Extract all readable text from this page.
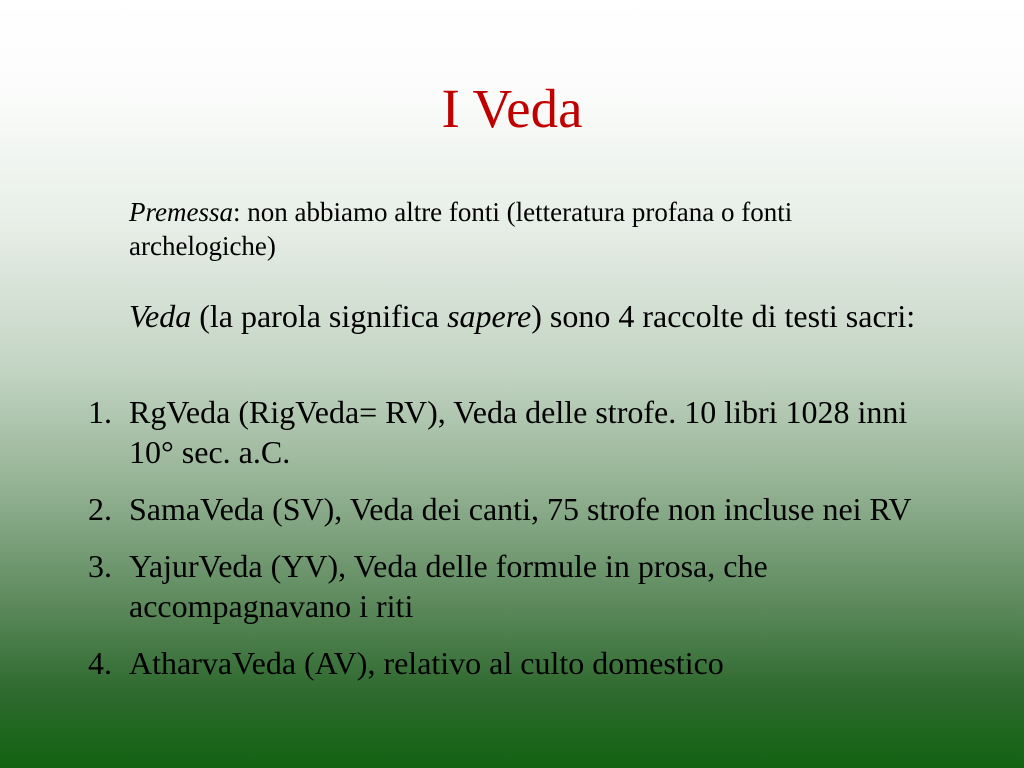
I Veda

Premessa: non abbiamo altre fonti (letteratura profana o fonti archelogiche)

Veda (la parola significa sapere) sono 4 raccolte di testi sacri:

1. RgVeda (RigVeda= RV), Veda delle strofe. 10 libri 1028 inni 10° sec. a.C.
2. SamaVeda (SV), Veda dei canti, 75 strofe non incluse nei RV
3. YajurVeda (YV), Veda delle formule in prosa, che accompagnavano i riti
4. AtharvaVeda (AV), relativo al culto domestico
